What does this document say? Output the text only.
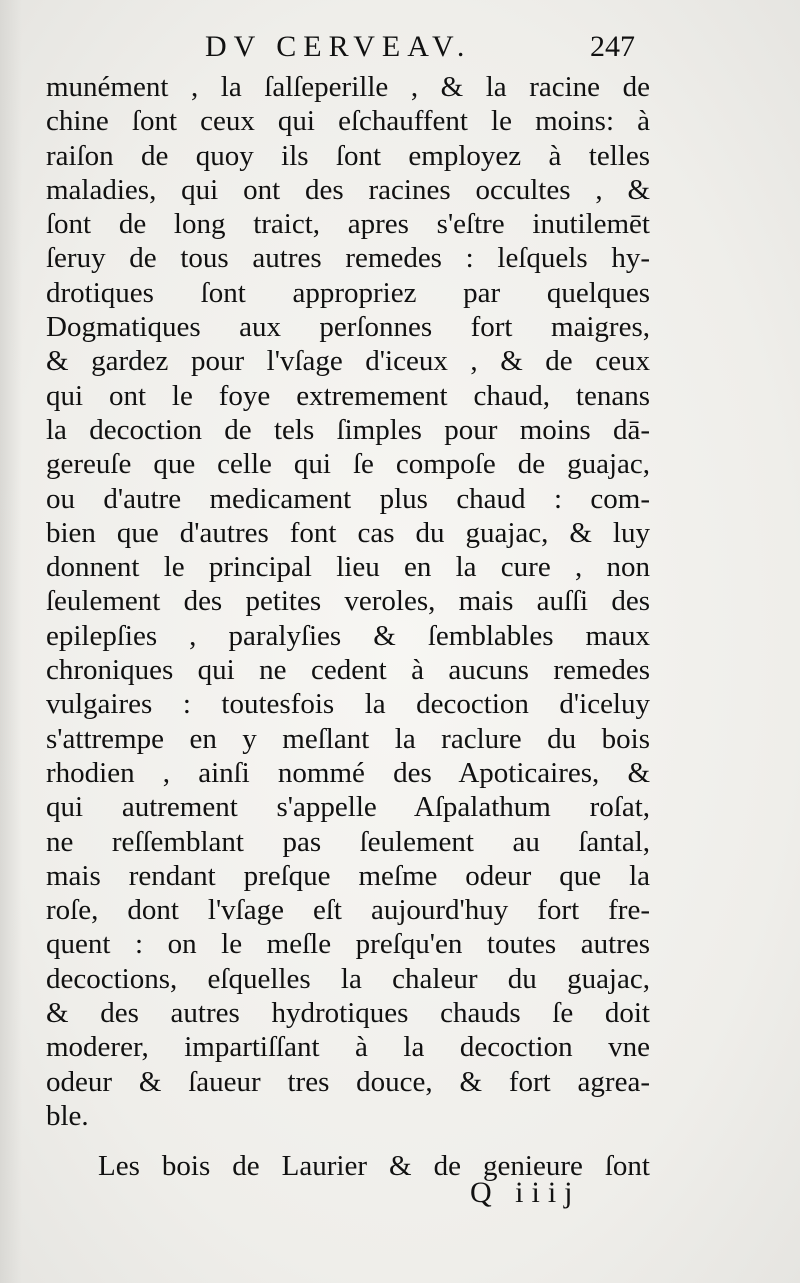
DV CERVEAV.	247
munément , la ſalſeperille , & la racine de
chine ſont ceux qui eſchauffent le moins: à
raiſon de quoy ils ſont employez à telles
maladies, qui ont des racines occultes , &
ſont de long traict, apres s'eſtre inutilemēt
ſeruy de tous autres remedes : leſquels hy-
drotiques ſont appropriez par quelques
Dogmatiques aux perſonnes fort maigres,
& gardez pour l'vſage d'iceux , & de ceux
qui ont le foye extremement chaud, tenans
la decoction de tels ſimples pour moins dā-
gereuſe que celle qui ſe compoſe de guajac,
ou d'autre medicament plus chaud : com-
bien que d'autres font cas du guajac, & luy
donnent le principal lieu en la cure , non
ſeulement des petites veroles, mais auſſi des
epilepſies , paralyſies & ſemblables maux
chroniques qui ne cedent à aucuns remedes
vulgaires : toutesfois la decoction d'iceluy
s'attrempe en y meſlant la raclure du bois
rhodien , ainſi nommé des Apoticaires, &
qui autrement s'appelle Aſpalathum roſat,
ne reſſemblant pas ſeulement au ſantal,
mais rendant preſque meſme odeur que la
roſe, dont l'vſage eſt aujourd'huy fort fre-
quent : on le meſle preſqu'en toutes autres
decoctions, eſquelles la chaleur du guajac,
& des autres hydrotiques chauds ſe doit
moderer, impartiſſant à la decoction vne
odeur & ſaueur tres douce, & fort agrea-
ble.
Les bois de Laurier & de genieure ſont
Q iiij
